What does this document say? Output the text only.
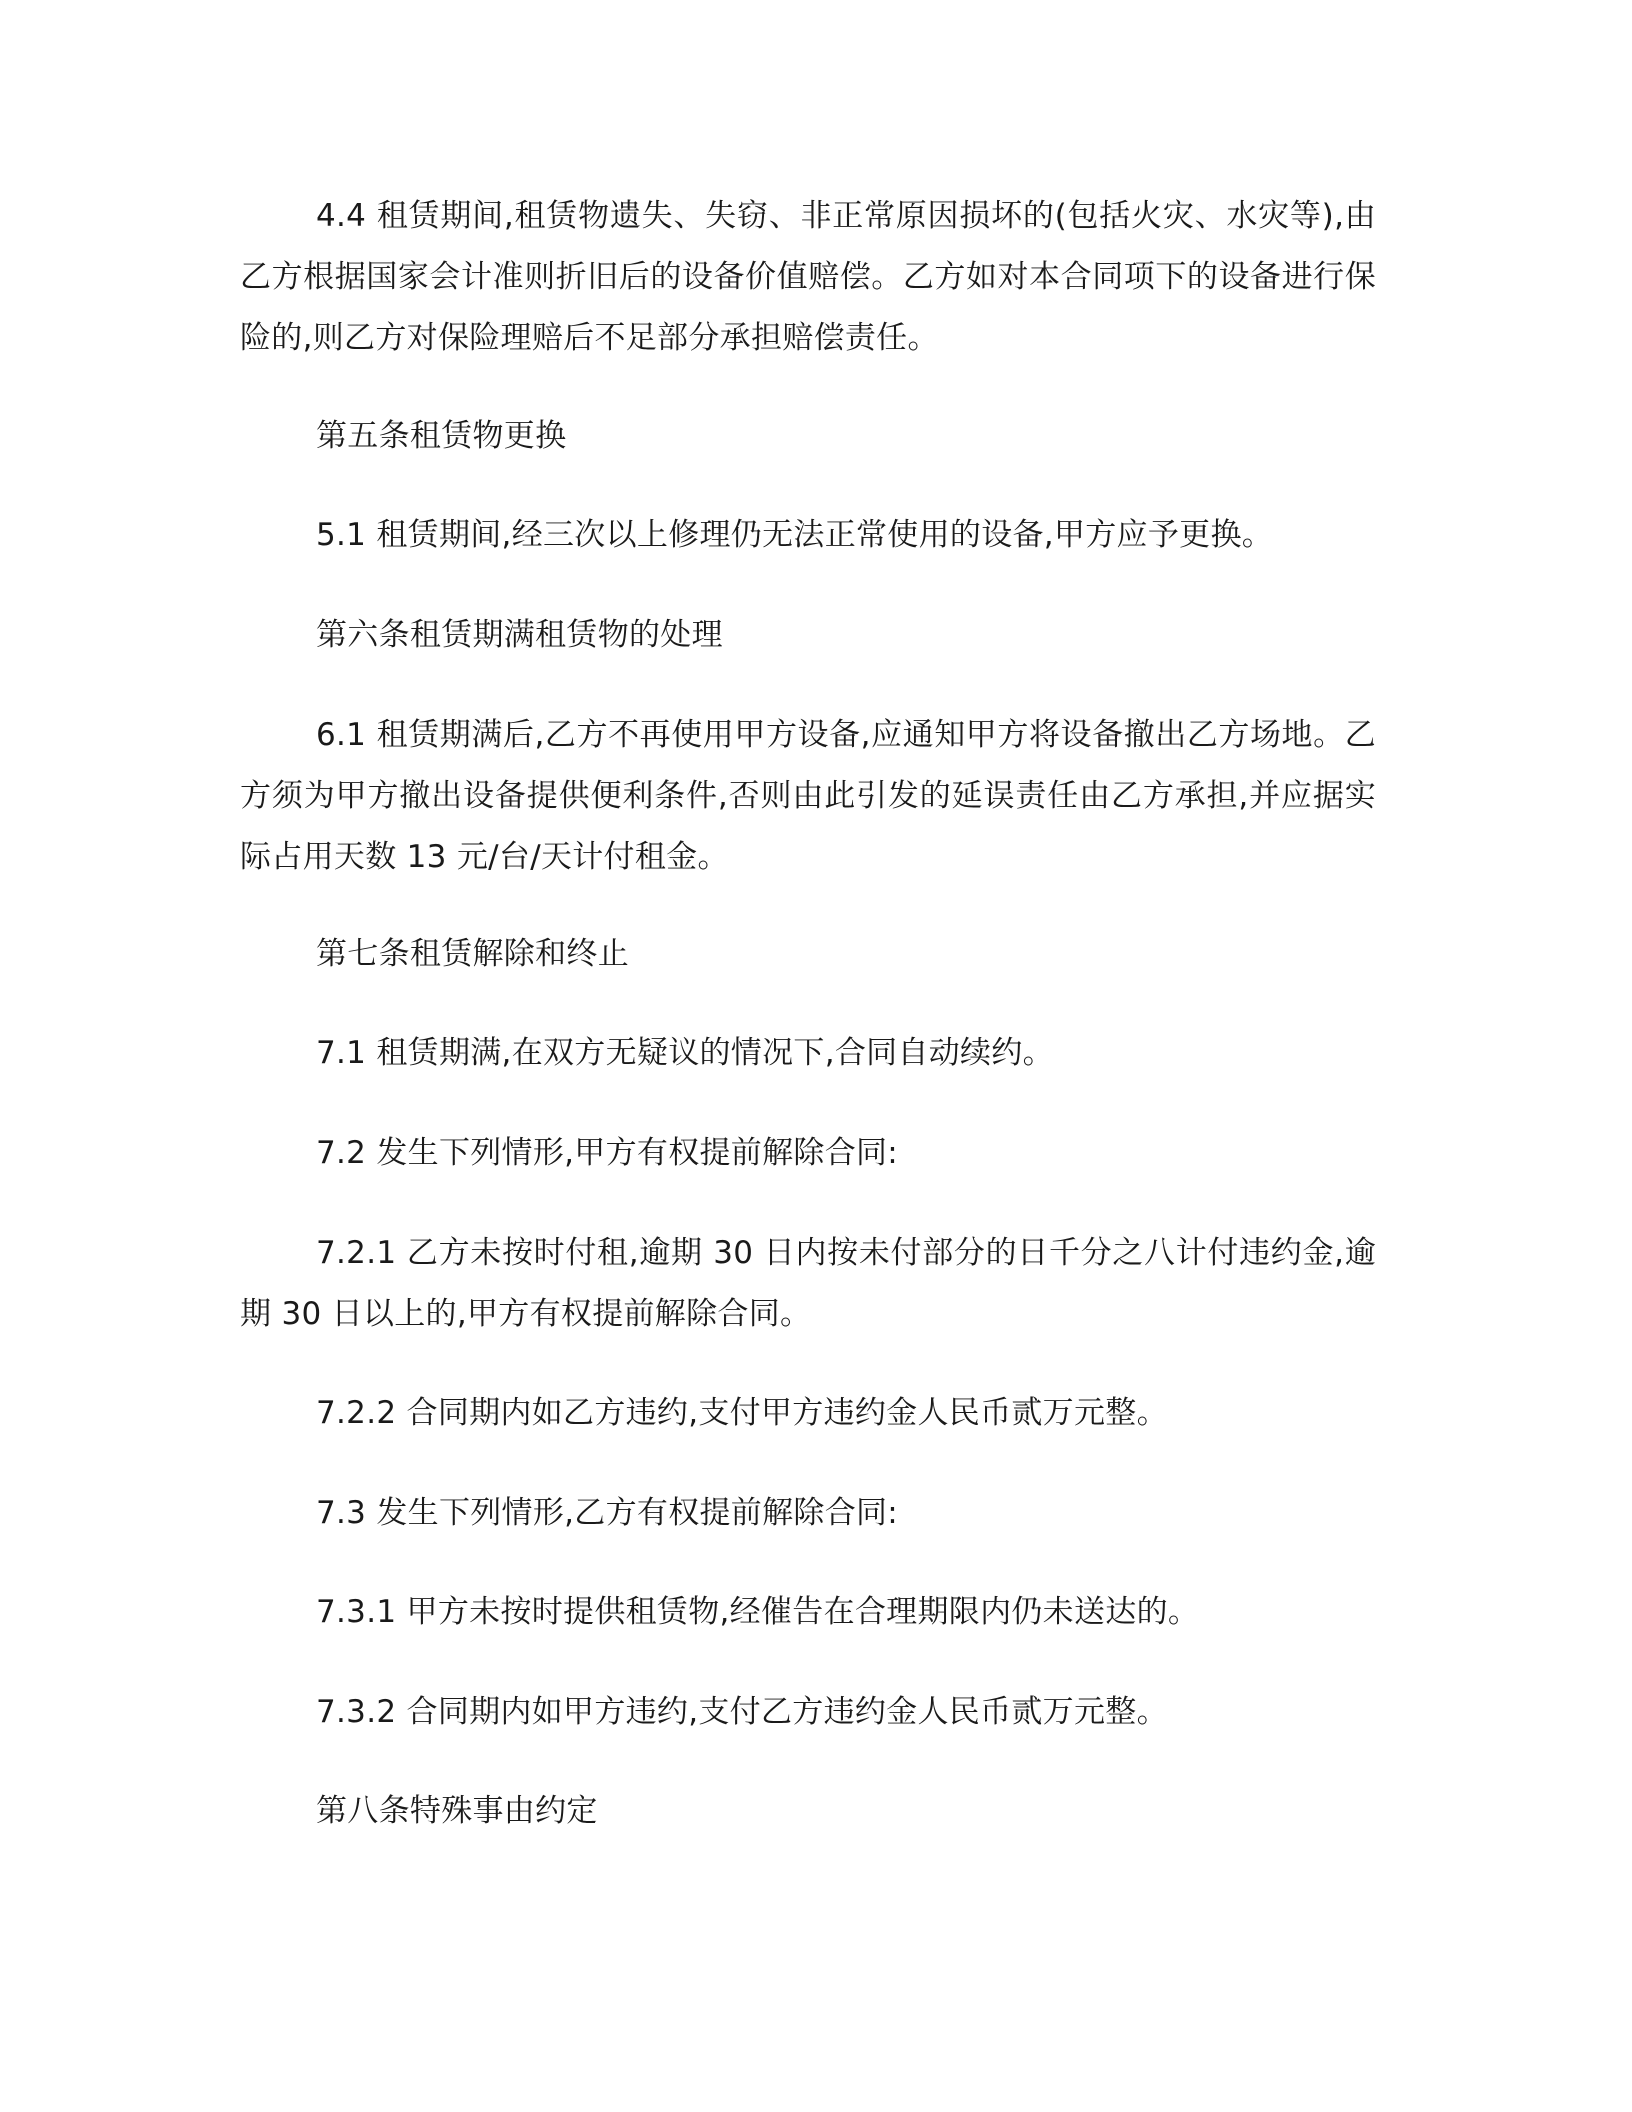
4.4 租赁期间,租赁物遗失、失窃、非正常原因损坏的(包括火灾、水灾等),由乙方根据国家会计准则折旧后的设备价值赔偿。乙方如对本合同项下的设备进行保险的,则乙方对保险理赔后不足部分承担赔偿责任。

第五条租赁物更换

5.1 租赁期间,经三次以上修理仍无法正常使用的设备,甲方应予更换。

第六条租赁期满租赁物的处理

6.1 租赁期满后,乙方不再使用甲方设备,应通知甲方将设备撤出乙方场地。乙方须为甲方撤出设备提供便利条件,否则由此引发的延误责任由乙方承担,并应据实际占用天数 13 元/台/天计付租金。

第七条租赁解除和终止

7.1 租赁期满,在双方无疑议的情况下,合同自动续约。

7.2 发生下列情形,甲方有权提前解除合同:

7.2.1 乙方未按时付租,逾期 30 日内按未付部分的日千分之八计付违约金,逾期 30 日以上的,甲方有权提前解除合同。

7.2.2 合同期内如乙方违约,支付甲方违约金人民币贰万元整。

7.3 发生下列情形,乙方有权提前解除合同:

7.3.1 甲方未按时提供租赁物,经催告在合理期限内仍未送达的。

7.3.2 合同期内如甲方违约,支付乙方违约金人民币贰万元整。

第八条特殊事由约定
